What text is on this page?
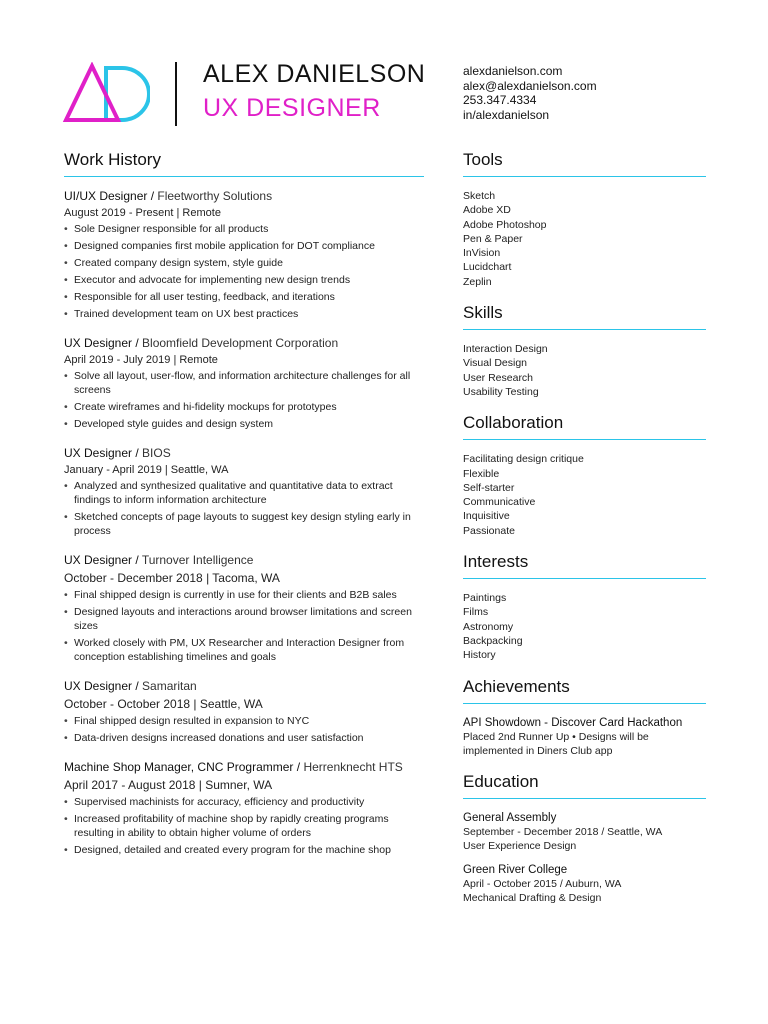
ALEX DANIELSON
UX DESIGNER
alexdanielson.com
alex@alexdanielson.com
253.347.4334
in/alexdanielson
Work History
UI/UX Designer / Fleetworthy Solutions
August 2019 - Present | Remote
• Sole Designer responsible for all products
• Designed companies first mobile application for DOT compliance
• Created company design system, style guide
• Executor and advocate for implementing new design trends
• Responsible for all user testing, feedback, and iterations
• Trained development team on UX best practices
UX Designer / Bloomfield Development Corporation
April 2019 - July 2019 | Remote
• Solve all layout, user-flow, and information architecture challenges for all screens
• Create wireframes and hi-fidelity mockups for prototypes
• Developed style guides and design system
UX Designer / BIOS
January - April 2019 | Seattle, WA
• Analyzed and synthesized qualitative and quantitative data to extract findings to inform information architecture
• Sketched concepts of page layouts to suggest key design styling early in process
UX Designer / Turnover Intelligence
October - December 2018 | Tacoma, WA
• Final shipped design is currently in use for their clients and B2B sales
• Designed layouts and interactions around browser limitations and screen sizes
• Worked closely with PM, UX Researcher and Interaction Designer from conception establishing timelines and goals
UX Designer / Samaritan
October - October 2018 | Seattle, WA
• Final shipped design resulted in expansion to NYC
• Data-driven designs increased donations and user satisfaction
Machine Shop Manager, CNC Programmer / Herrenknecht HTS
April 2017 - August 2018 | Sumner, WA
• Supervised machinists for accuracy, efficiency and productivity
• Increased profitability of machine shop by rapidly creating programs resulting in ability to obtain higher volume of orders
• Designed, detailed and created every program for the machine shop
Tools
Sketch
Adobe XD
Adobe Photoshop
Pen & Paper
InVision
Lucidchart
Zeplin
Skills
Interaction Design
Visual Design
User Research
Usability Testing
Collaboration
Facilitating design critique
Flexible
Self-starter
Communicative
Inquisitive
Passionate
Interests
Paintings
Films
Astronomy
Backpacking
History
Achievements
API Showdown - Discover Card Hackathon
Placed 2nd Runner Up • Designs will be implemented in Diners Club app
Education
General Assembly
September - December 2018 / Seattle, WA
User Experience Design
Green River College
April - October 2015 / Auburn, WA
Mechanical Drafting & Design
